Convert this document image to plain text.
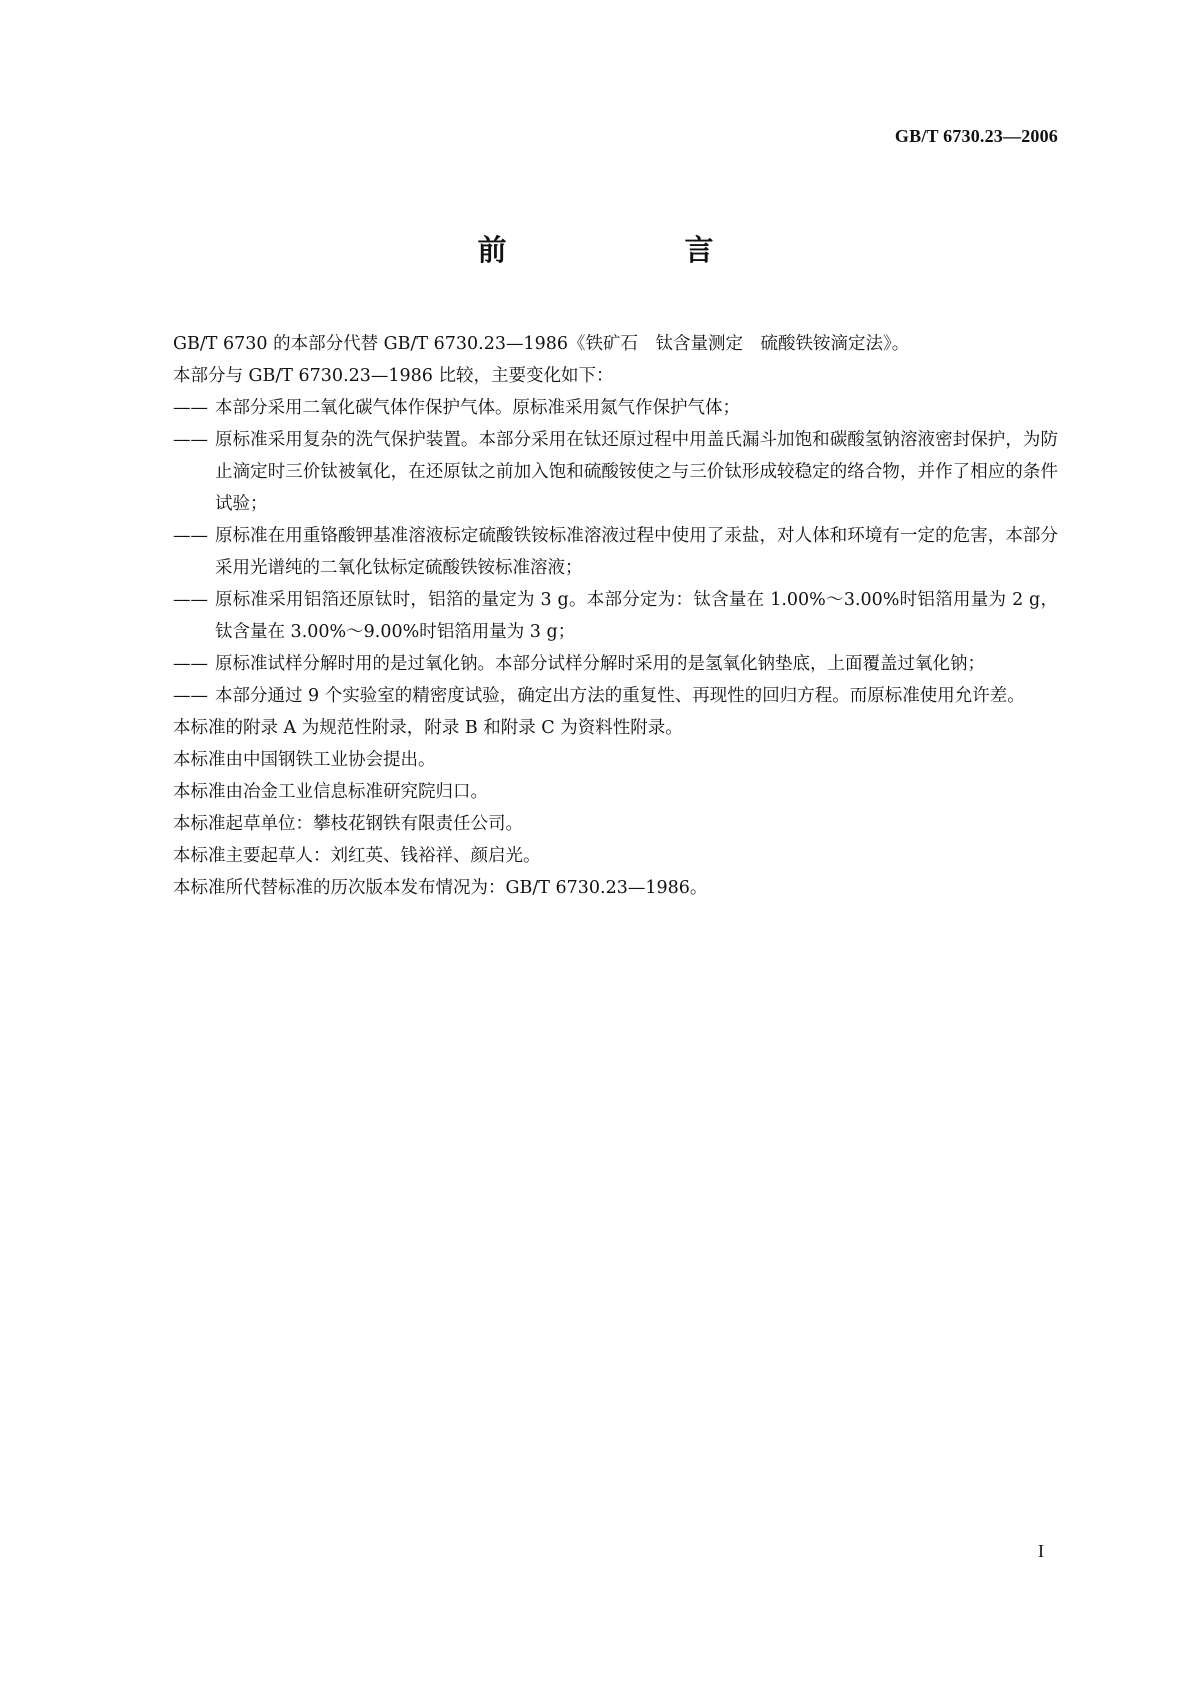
GB/T 6730.23—2006
前　　言

GB/T 6730 的本部分代替 GB/T 6730.23—1986《铁矿石　钛含量测定　硫酸铁铵滴定法》。

本部分与 GB/T 6730.23—1986 比较，主要变化如下：

—— 本部分采用二氧化碳气体作保护气体。原标准采用氮气作保护气体；
—— 原标准采用复杂的洗气保护装置。本部分采用在钛还原过程中用盖氏漏斗加饱和碳酸氢钠溶液密封保护，为防止滴定时三价钛被氧化，在还原钛之前加入饱和硫酸铵使之与三价钛形成较稳定的络合物，并作了相应的条件试验；
—— 原标准在用重铬酸钾基准溶液标定硫酸铁铵标准溶液过程中使用了汞盐，对人体和环境有一定的危害，本部分采用光谱纯的二氧化钛标定硫酸铁铵标准溶液；
—— 原标准采用铝箔还原钛时，铝箔的量定为 3 g。本部分定为：钛含量在 1.00%～3.00%时铝箔用量为 2 g，钛含量在 3.00%～9.00%时铝箔用量为 3 g；
—— 原标准试样分解时用的是过氧化钠。本部分试样分解时采用的是氢氧化钠垫底，上面覆盖过氧化钠；
—— 本部分通过 9 个实验室的精密度试验，确定出方法的重复性、再现性的回归方程。而原标准使用允许差。

本标准的附录 A 为规范性附录，附录 B 和附录 C 为资料性附录。

本标准由中国钢铁工业协会提出。

本标准由冶金工业信息标准研究院归口。

本标准起草单位：攀枝花钢铁有限责任公司。

本标准主要起草人：刘红英、钱裕祥、颜启光。

本标准所代替标准的历次版本发布情况为：GB/T 6730.23—1986。

I
